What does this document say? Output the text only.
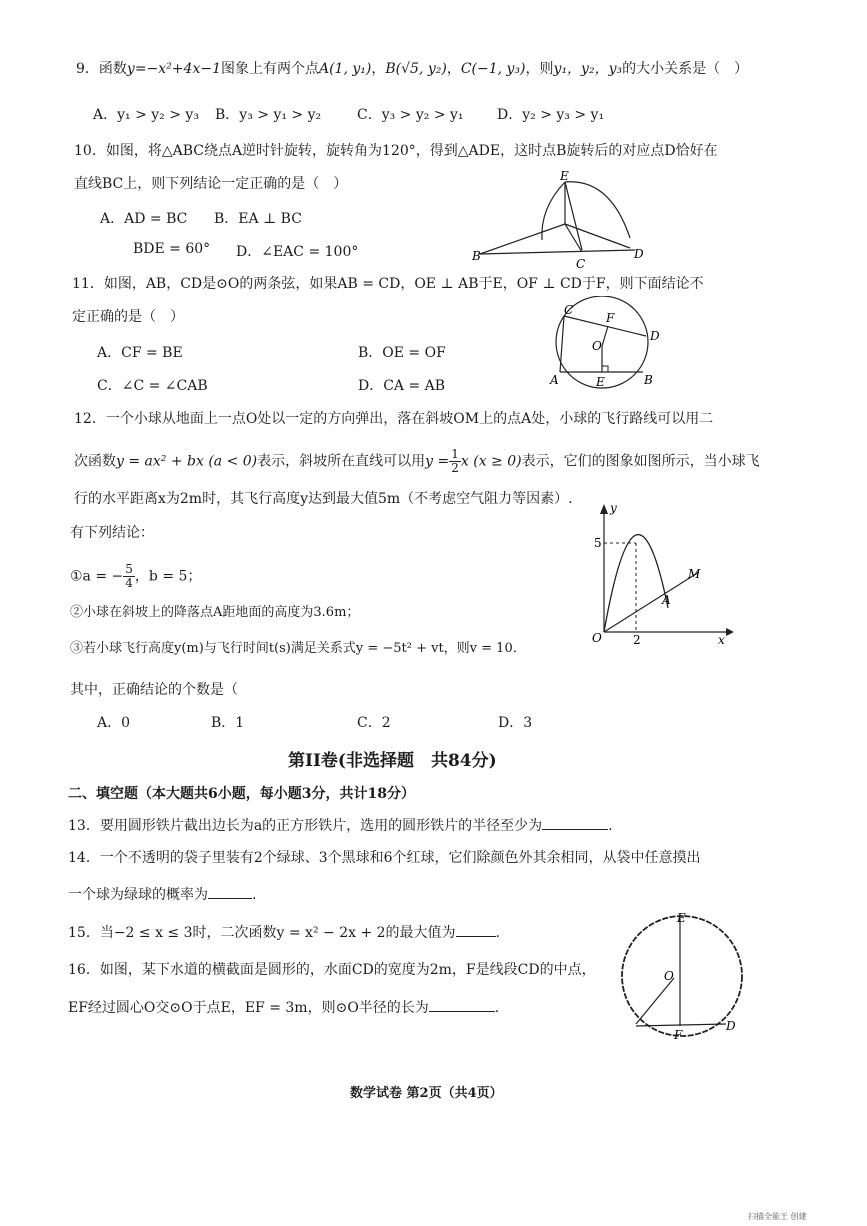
9．函数y=−x²+4x−1图象上有两个点A(1, y₁)，B(√5, y₂)，C(−1, y₃)，则y₁，y₂，y₃的大小关系是（　）
A．y₁ > y₂ > y₃ B．y₃ > y₁ > y₂	C．y₃ > y₂ > y₁ D．y₂ > y₃ > y₁
10．如图，将△ABC绕点A逆时针旋转，旋转角为120°，得到△ADE，这时点B旋转后的对应点D恰好在
直线BC上，则下列结论一定正确的是（　）
A．AD = BC B．EA ⊥ BC
BDE = 60° D．∠EAC = 100°
E
B
C
D
11．如图，AB，CD是⊙O的两条弦，如果AB = CD，OE ⊥ AB于E，OF ⊥ CD于F，则下面结论不
定正确的是（　）
A．CF = BE	B．OE = OF
C．∠C = ∠CAB	D．CA = AB
C
F
D
O
A	E	B
12．一个小球从地面上一点O处以一定的方向弹出，落在斜坡OM上的点A处，小球的飞行路线可以用二
次函数y = ax² + bx (a < 0)表示，斜坡所在直线可以用$y = \frac{1}{2}$ x (x ≥ 0)表示，它们的图象如图所示，当小球飞
行的水平距离x为2m时，其飞行高度y达到最大值5m（不考虑空气阻力等因素）.
有下列结论：
①a = − $\frac{5}{4}$ ，b = 5；
②小球在斜坡上的降落点A距地面的高度为3.6m；
③若小球飞行高度y(m)与飞行时间t(s)满足关系式y = −5t² + vt，则v = 10．
其中，正确结论的个数是（
A．0	B．1	C．2	D．3
y
x
O
5
2
A
M
第II卷(非选择题　共84分)
二、填空题（本大题共6小题，每小题3分，共计18分）
13．要用圆形铁片截出边长为a的正方形铁片，选用的圆形铁片的半径至少为	.
14．一个不透明的袋子里装有2个绿球、3个黑球和6个红球，它们除颜色外其余相同，从袋中任意摸出
一个球为绿球的概率为	.
15．当−2 ≤ x ≤ 3时，二次函数y = x² − 2x + 2的最大值为	.
16．如图，某下水道的横截面是圆形的，水面CD的宽度为2m，F是线段CD的中点，
EF经过圆心O交⊙O于点E，EF = 3m，则⊙O半径的长为	.
E
O
F
D
数学试卷 第2页（共4页）
扫描全能王 创建
